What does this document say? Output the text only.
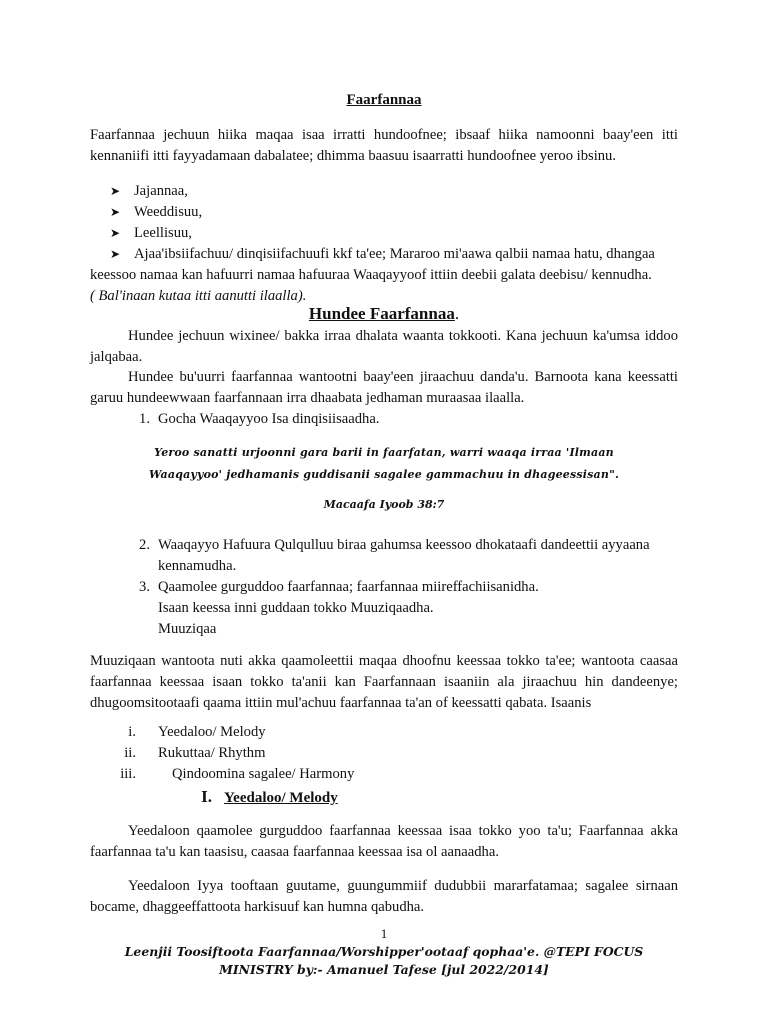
Faarfannaa

Faarfannaa jechuun hiika maqaa isaa irratti hundoofnee; ibsaaf hiika namoonni baay'een itti kennaniifi itti fayyadamaan dabalatee; dhimma baasuu isaarratti hundoofnee yeroo ibsinu.

➤ Jajannaa,
➤ Weeddisuu,
➤ Leellisuu,
➤ Ajaa'ibsiifachuu/ dinqisiifachuufi kkf ta'ee; Mararoo mi'aawa qalbii namaa hatu, dhangaa

keessoo namaa kan hafuurri namaa hafuuraa Waaqayyoof ittiin deebii galata deebisu/ kennudha.

( Bal'inaan kutaa itti aanutti ilaalla).

Hundee Faarfannaa.

Hundee jechuun wixinee/ bakka irraa dhalata waanta tokkooti. Kana jechuun ka'umsa iddoo jalqabaa.

Hundee bu'uurri faarfannaa wantootni baay'een jiraachuu danda'u. Barnoota kana keessatti garuu hundeewwaan faarfannaan irra dhaabata jedhaman muraasaa ilaalla.

1. Gocha Waaqayyoo Isa dinqisiisaadha.
Yeroo sanatti urjoonni gara barii in faarfatan, warri waaqa irraa 'Ilmaan
Waaqayyoo' jedhamanis guddisanii sagalee gammachuu in dhageessisan".
Macaafa Iyoob 38:7
2. Waaqayyo Hafuura Qulqulluu biraa gahumsa keessoo dhokataafi dandeettii ayyaana
kennamudha.
3. Qaamolee gurguddoo faarfannaa; faarfannaa miireffachiisanidha.
Isaan keessa inni guddaan tokko Muuziqaadha.
Muuziqaa

Muuziqaan wantoota nuti akka qaamoleettii maqaa dhoofnu keessaa tokko ta'ee; wantoota caasaa faarfannaa keessaa isaan tokko ta'anii kan Faarfannaan isaaniin ala jiraachuu hin dandeenye; dhugoomsitootaafi qaama ittiin mul'achuu faarfannaa ta'an of keessatti qabata. Isaanis

i.	Yeedaloo/ Melody
ii.	Rukuttaa/ Rhythm
iii.	Qindoomina sagalee/ Harmony
I. Yeedaloo/ Melody

Yeedaloon qaamolee gurguddoo faarfannaa keessaa isaa tokko yoo ta'u; Faarfannaa akka faarfannaa ta'u kan taasisu, caasaa faarfannaa keessaa isa ol aanaadha.

Yeedaloon Iyya tooftaan guutame, guungummiif dudubbii mararfatamaa; sagalee sirnaan bocame, dhaggeeffattoota harkisuuf kan humna qabudha.

1
Leenjii Toosiftoota Faarfannaa/Worshipper'ootaaf qophaa'e. @TEPI FOCUS
MINISTRY by:- Amanuel Tafese [jul 2022/2014]
